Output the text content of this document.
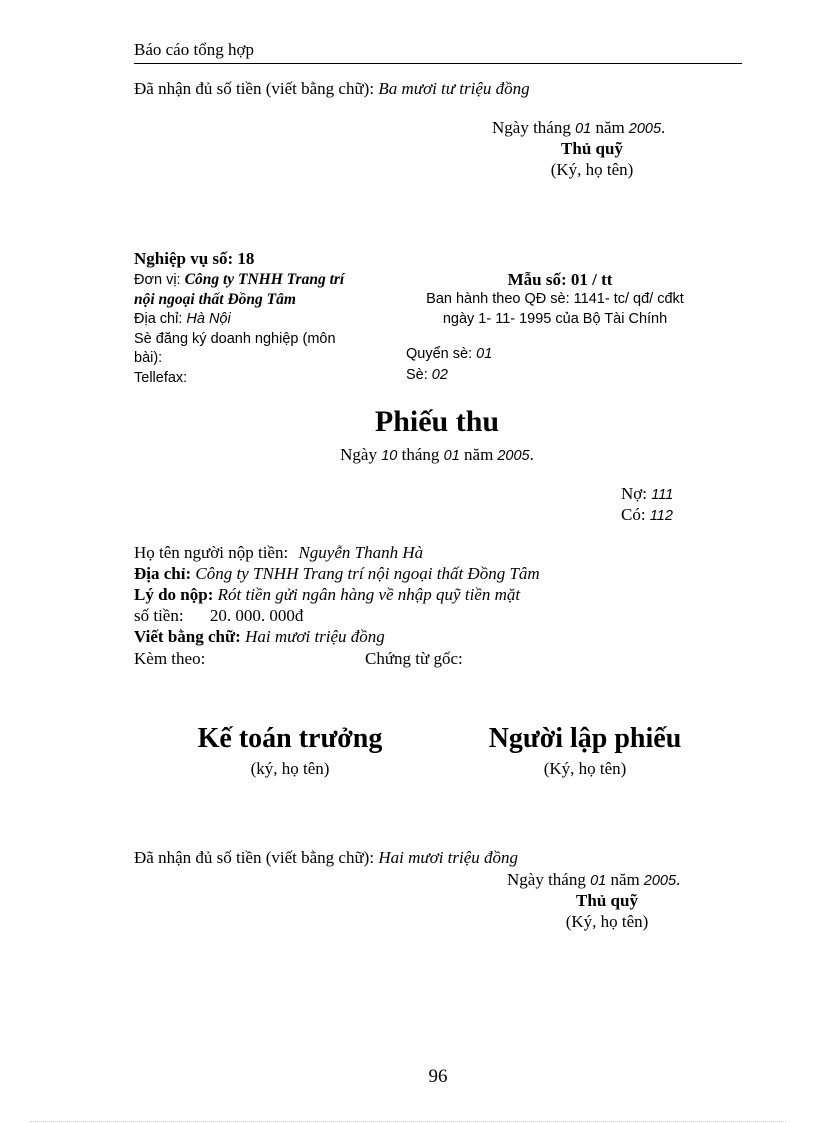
Báo cáo tổng hợp
Đã nhận đủ số tiền (viết bằng chữ): Ba mươi tư triệu đồng
Ngày tháng 01 năm 2005.
Thủ quỹ
(Ký, họ tên)
Nghiệp vụ số: 18
Đơn vị: Công ty TNHH Trang trí
nội ngoại thất Đồng Tâm
Địa chỉ: Hà Nội
Sè đăng ký doanh nghiệp (môn
bài):
Tellefax:
Mẫu số: 01 / tt
Ban hành theo QĐ sè: 1141- tc/ qđ/ cđkt
ngày 1- 11- 1995 của Bộ Tài Chính
Quyển sè: 01
Sè: 02
Phiếu thu
Ngày 10 tháng 01 năm 2005.
Nợ: 111
Có: 112
Họ tên người nộp tiền: Nguyễn Thanh Hà
Địa chỉ: Công ty TNHH Trang trí nội ngoại thất Đồng Tâm
Lý do nộp: Rót tiền gửi ngân hàng về nhập quỹ tiền mặt
số tiền: 20. 000. 000đ
Viết bằng chữ: Hai mươi triệu đồng
Kèm theo:	Chứng từ gốc:
Kế toán trưởng
(ký, họ tên)
Người lập phiếu
(Ký, họ tên)
Đã nhận đủ số tiền (viết bằng chữ): Hai mươi triệu đồng
Ngày tháng 01 năm 2005.
Thủ quỹ
(Ký, họ tên)
96
